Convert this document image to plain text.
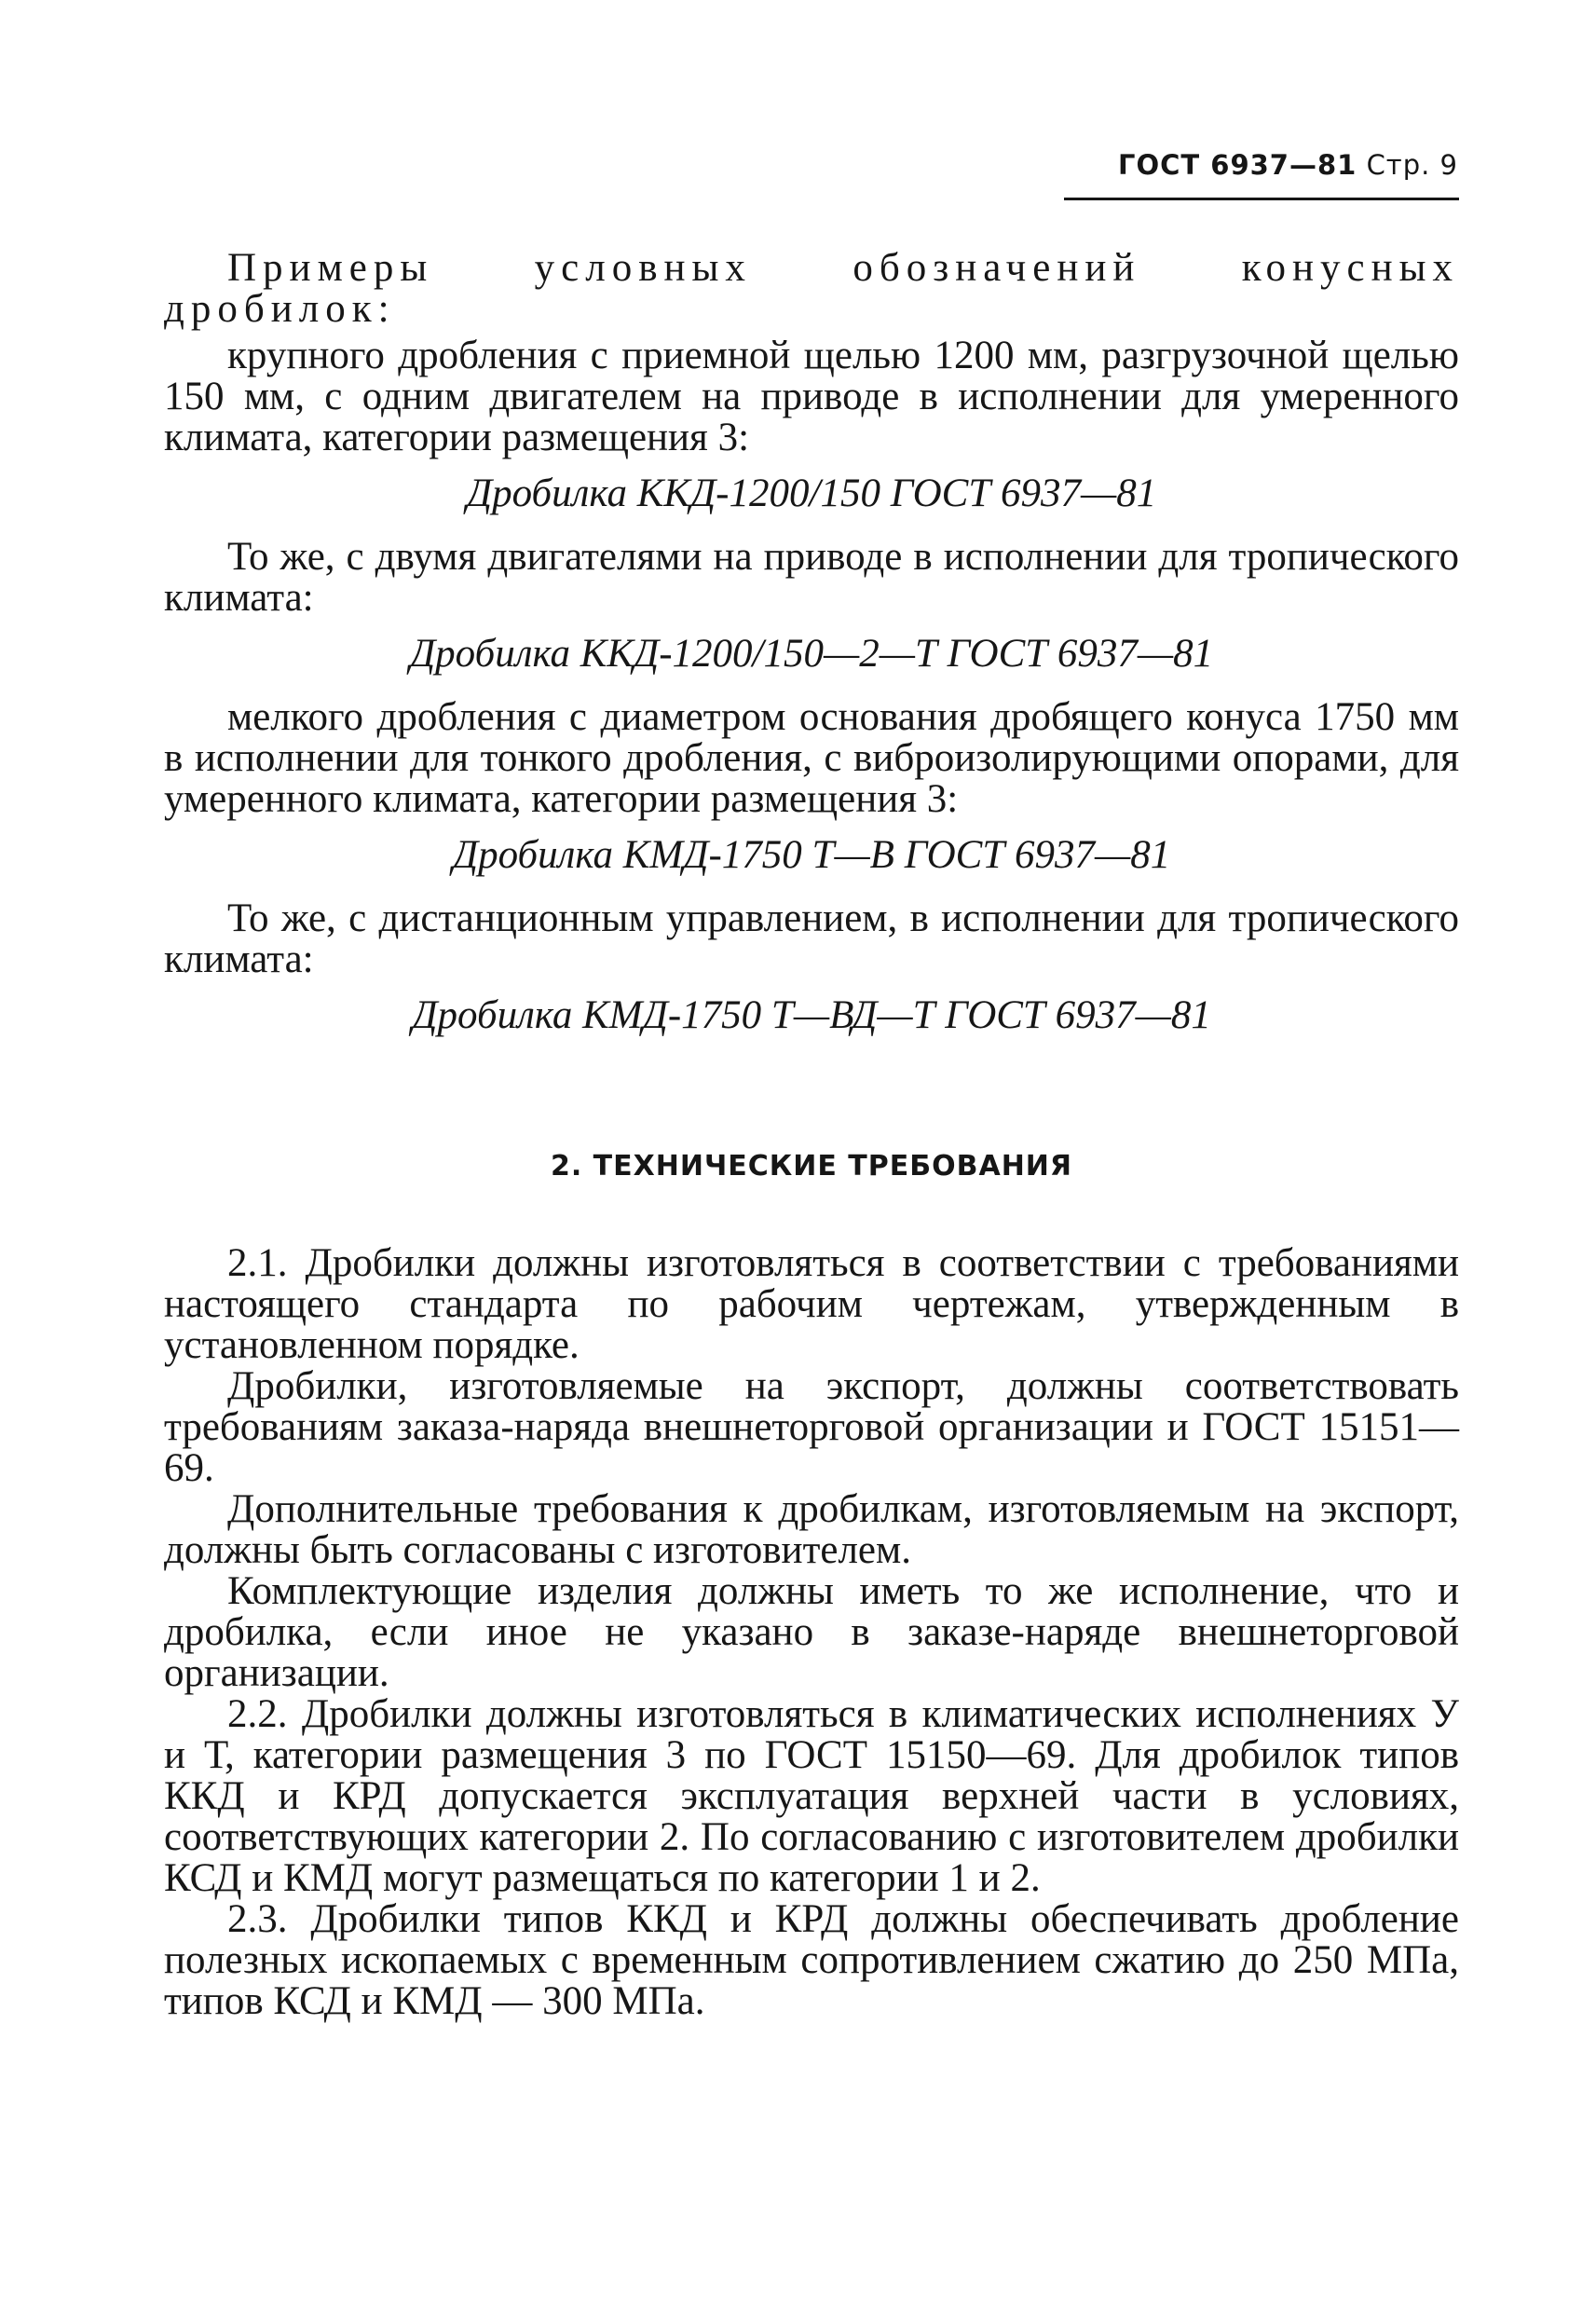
ГОСТ 6937—81 Стр. 9

Примеры условных обозначений конусных дробилок:

крупного дробления с приемной щелью 1200 мм, разгрузочной щелью 150 мм, с одним двигателем на приводе в исполнении для умеренного климата, категории размещения 3:

Дробилка ККД-1200/150 ГОСТ 6937—81

То же, с двумя двигателями на приводе в исполнении для тропического климата:

Дробилка ККД-1200/150—2—Т ГОСТ 6937—81

мелкого дробления с диаметром основания дробящего конуса 1750 мм в исполнении для тонкого дробления, с виброизолирующими опорами, для умеренного климата, категории размещения 3:

Дробилка КМД-1750 Т—В ГОСТ 6937—81

То же, с дистанционным управлением, в исполнении для тропического климата:

Дробилка КМД-1750 Т—ВД—Т ГОСТ 6937—81

2. ТЕХНИЧЕСКИЕ ТРЕБОВАНИЯ

2.1. Дробилки должны изготовляться в соответствии с требованиями настоящего стандарта по рабочим чертежам, утвержденным в установленном порядке.

Дробилки, изготовляемые на экспорт, должны соответствовать требованиям заказа-наряда внешнеторговой организации и ГОСТ 15151—69.

Дополнительные требования к дробилкам, изготовляемым на экспорт, должны быть согласованы с изготовителем.

Комплектующие изделия должны иметь то же исполнение, что и дробилка, если иное не указано в заказе-наряде внешнеторговой организации.

2.2. Дробилки должны изготовляться в климатических исполнениях У и Т, категории размещения 3 по ГОСТ 15150—69. Для дробилок типов ККД и КРД допускается эксплуатация верхней части в условиях, соответствующих категории 2. По согласованию с изготовителем дробилки КСД и КМД могут размещаться по категории 1 и 2.

2.3. Дробилки типов ККД и КРД должны обеспечивать дробление полезных ископаемых с временным сопротивлением сжатию до 250 МПа, типов КСД и КМД — 300 МПа.
